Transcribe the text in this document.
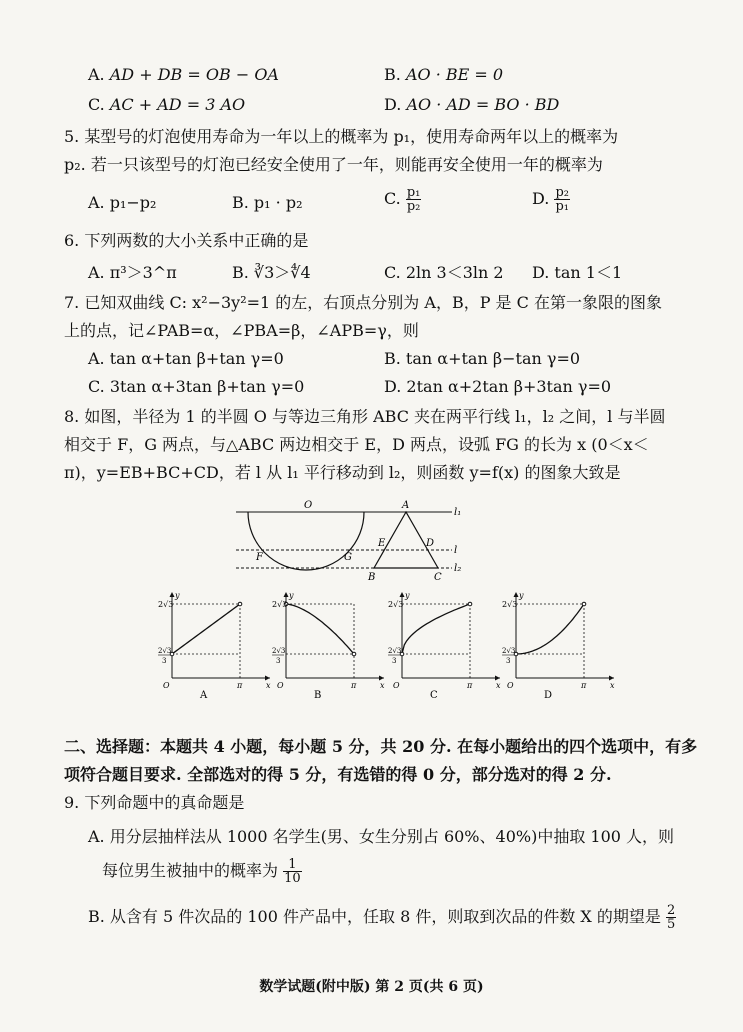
A. AD + DB = OB − OA	B. AO · BE = 0
C. AC + AD = 3 AO	D. AO · AD = BO · BD
5. 某型号的灯泡使用寿命为一年以上的概率为 p₁，使用寿命两年以上的概率为
p₂. 若一只该型号的灯泡已经安全使用了一年，则能再安全使用一年的概率为
A. p₁−p₂	B. p₁ · p₂	C. $\frac{\text{p₁}}{\text{p₂}}$	D. $\frac{\text{p₂}}{\text{p₁}}$
6. 下列两数的大小关系中正确的是
A. π³＞3^π	B. ∛3＞∜4	C. 2ln 3＜3ln 2 D. tan 1＜1
7. 已知双曲线 C: x²−3y²=1 的左，右顶点分别为 A，B，P 是 C 在第一象限的图象
上的点，记∠PAB=α，∠PBA=β，∠APB=γ，则
A. tan α+tan β+tan γ=0	B. tan α+tan β−tan γ=0
C. 3tan α+3tan β+tan γ=0	D. 2tan α+2tan β+3tan γ=0
8. 如图，半径为 1 的半圆 O 与等边三角形 ABC 夹在两平行线 l₁，l₂ 之间，l 与半圆
相交于 F，G 两点，与△ABC 两边相交于 E，D 两点，设弧 FG 的长为 x (0＜x＜
π)，y=EB+BC+CD，若 l 从 l₁ 平行移动到 l₂，则函数 y=f(x) 的图象大致是
O	A
B	C
D
E
F	G
l₁
l
l₂
2√3
2√3
3
O	π	x
y
A
2√3
2√3
3
O	π	x
y
B
2√3
2√3
3
O	π	x
y
C
2√3
2√3
3
O	π	x
y
D
二、选择题：本题共 4 小题，每小题 5 分，共 20 分. 在每小题给出的四个选项中，有多
项符合题目要求. 全部选对的得 5 分，有选错的得 0 分，部分选对的得 2 分.
9. 下列命题中的真命题是
A. 用分层抽样法从 1000 名学生(男、女生分别占 60%、40%)中抽取 100 人，则
每位男生被抽中的概率为 $\frac{1}{10}$
B. 从含有 5 件次品的 100 件产品中，任取 8 件，则取到次品的件数 X 的期望是 $\frac{2}{5}$
数学试题(附中版) 第 2 页(共 6 页)
